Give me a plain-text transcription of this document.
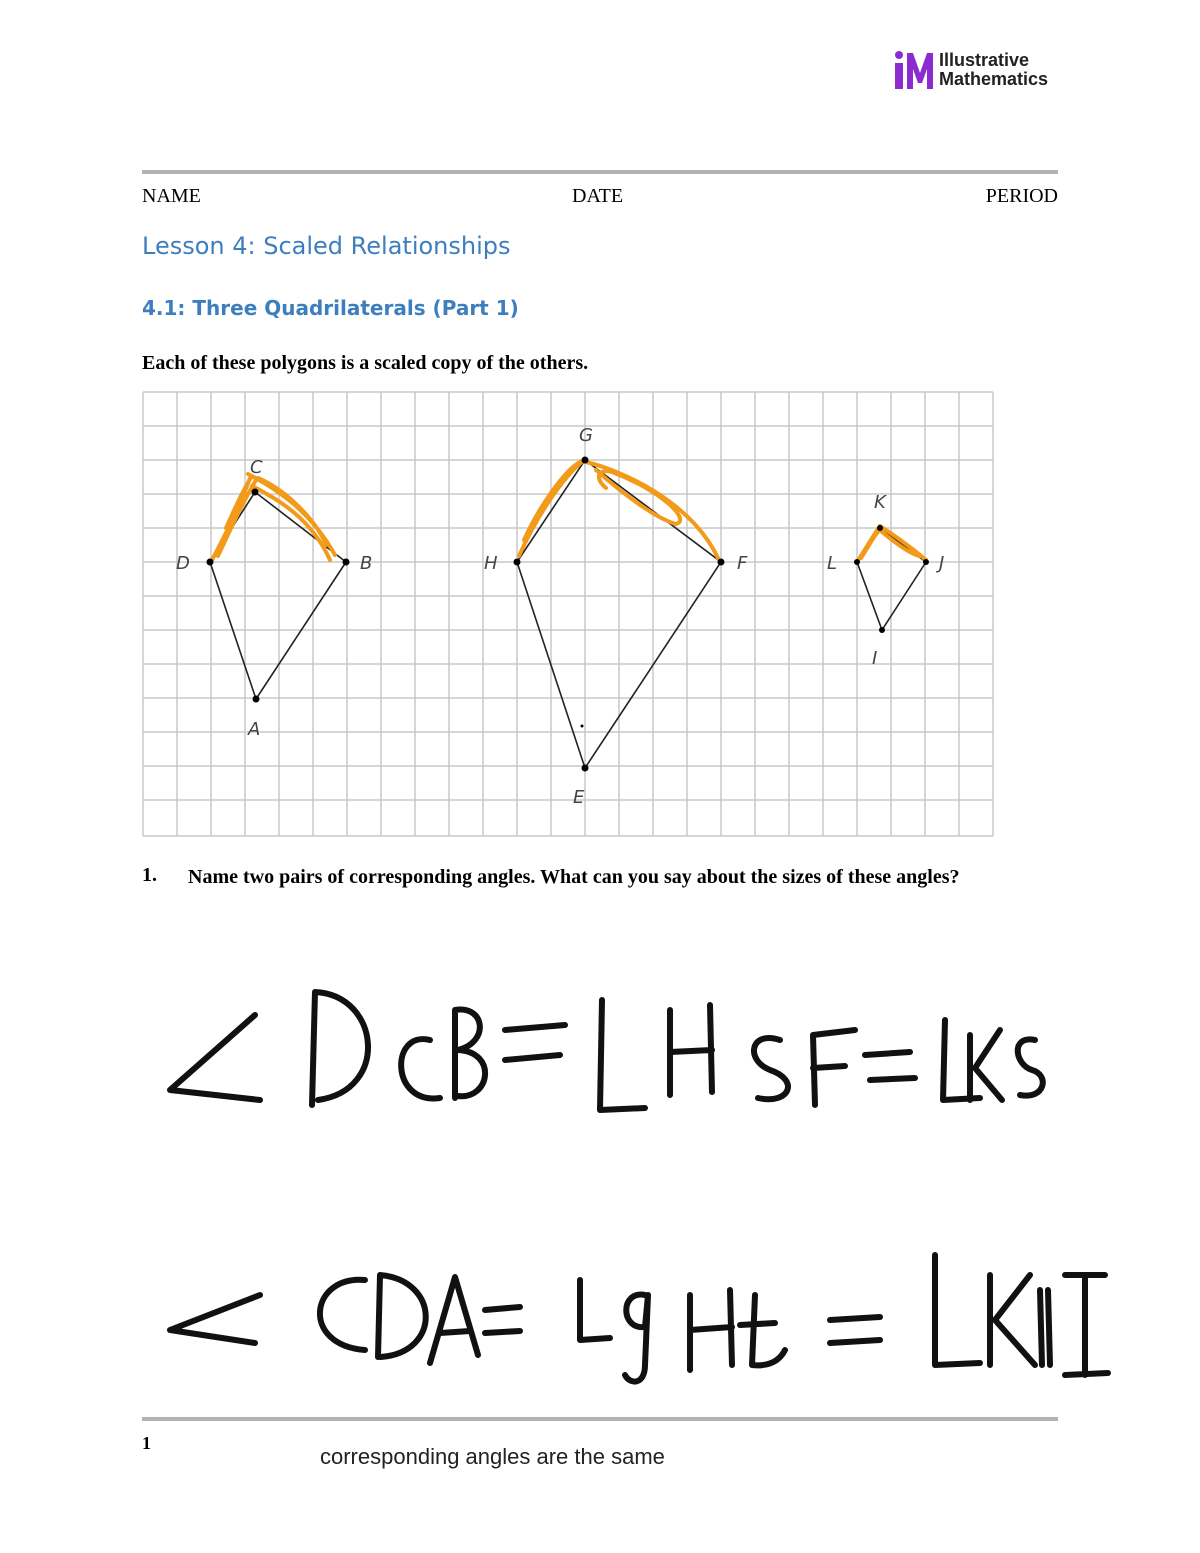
Illustrative
Mathematics
NAME	DATE	PERIOD
Lesson 4: Scaled Relationships
4.1: Three Quadrilaterals (Part 1)
Each of these polygons is a scaled copy of the others.
A
B
C
D
E
F
G
H
I
J
K
L
1. Name two pairs of corresponding angles. What can you say about the sizes of these angles?
1
corresponding angles are the same
